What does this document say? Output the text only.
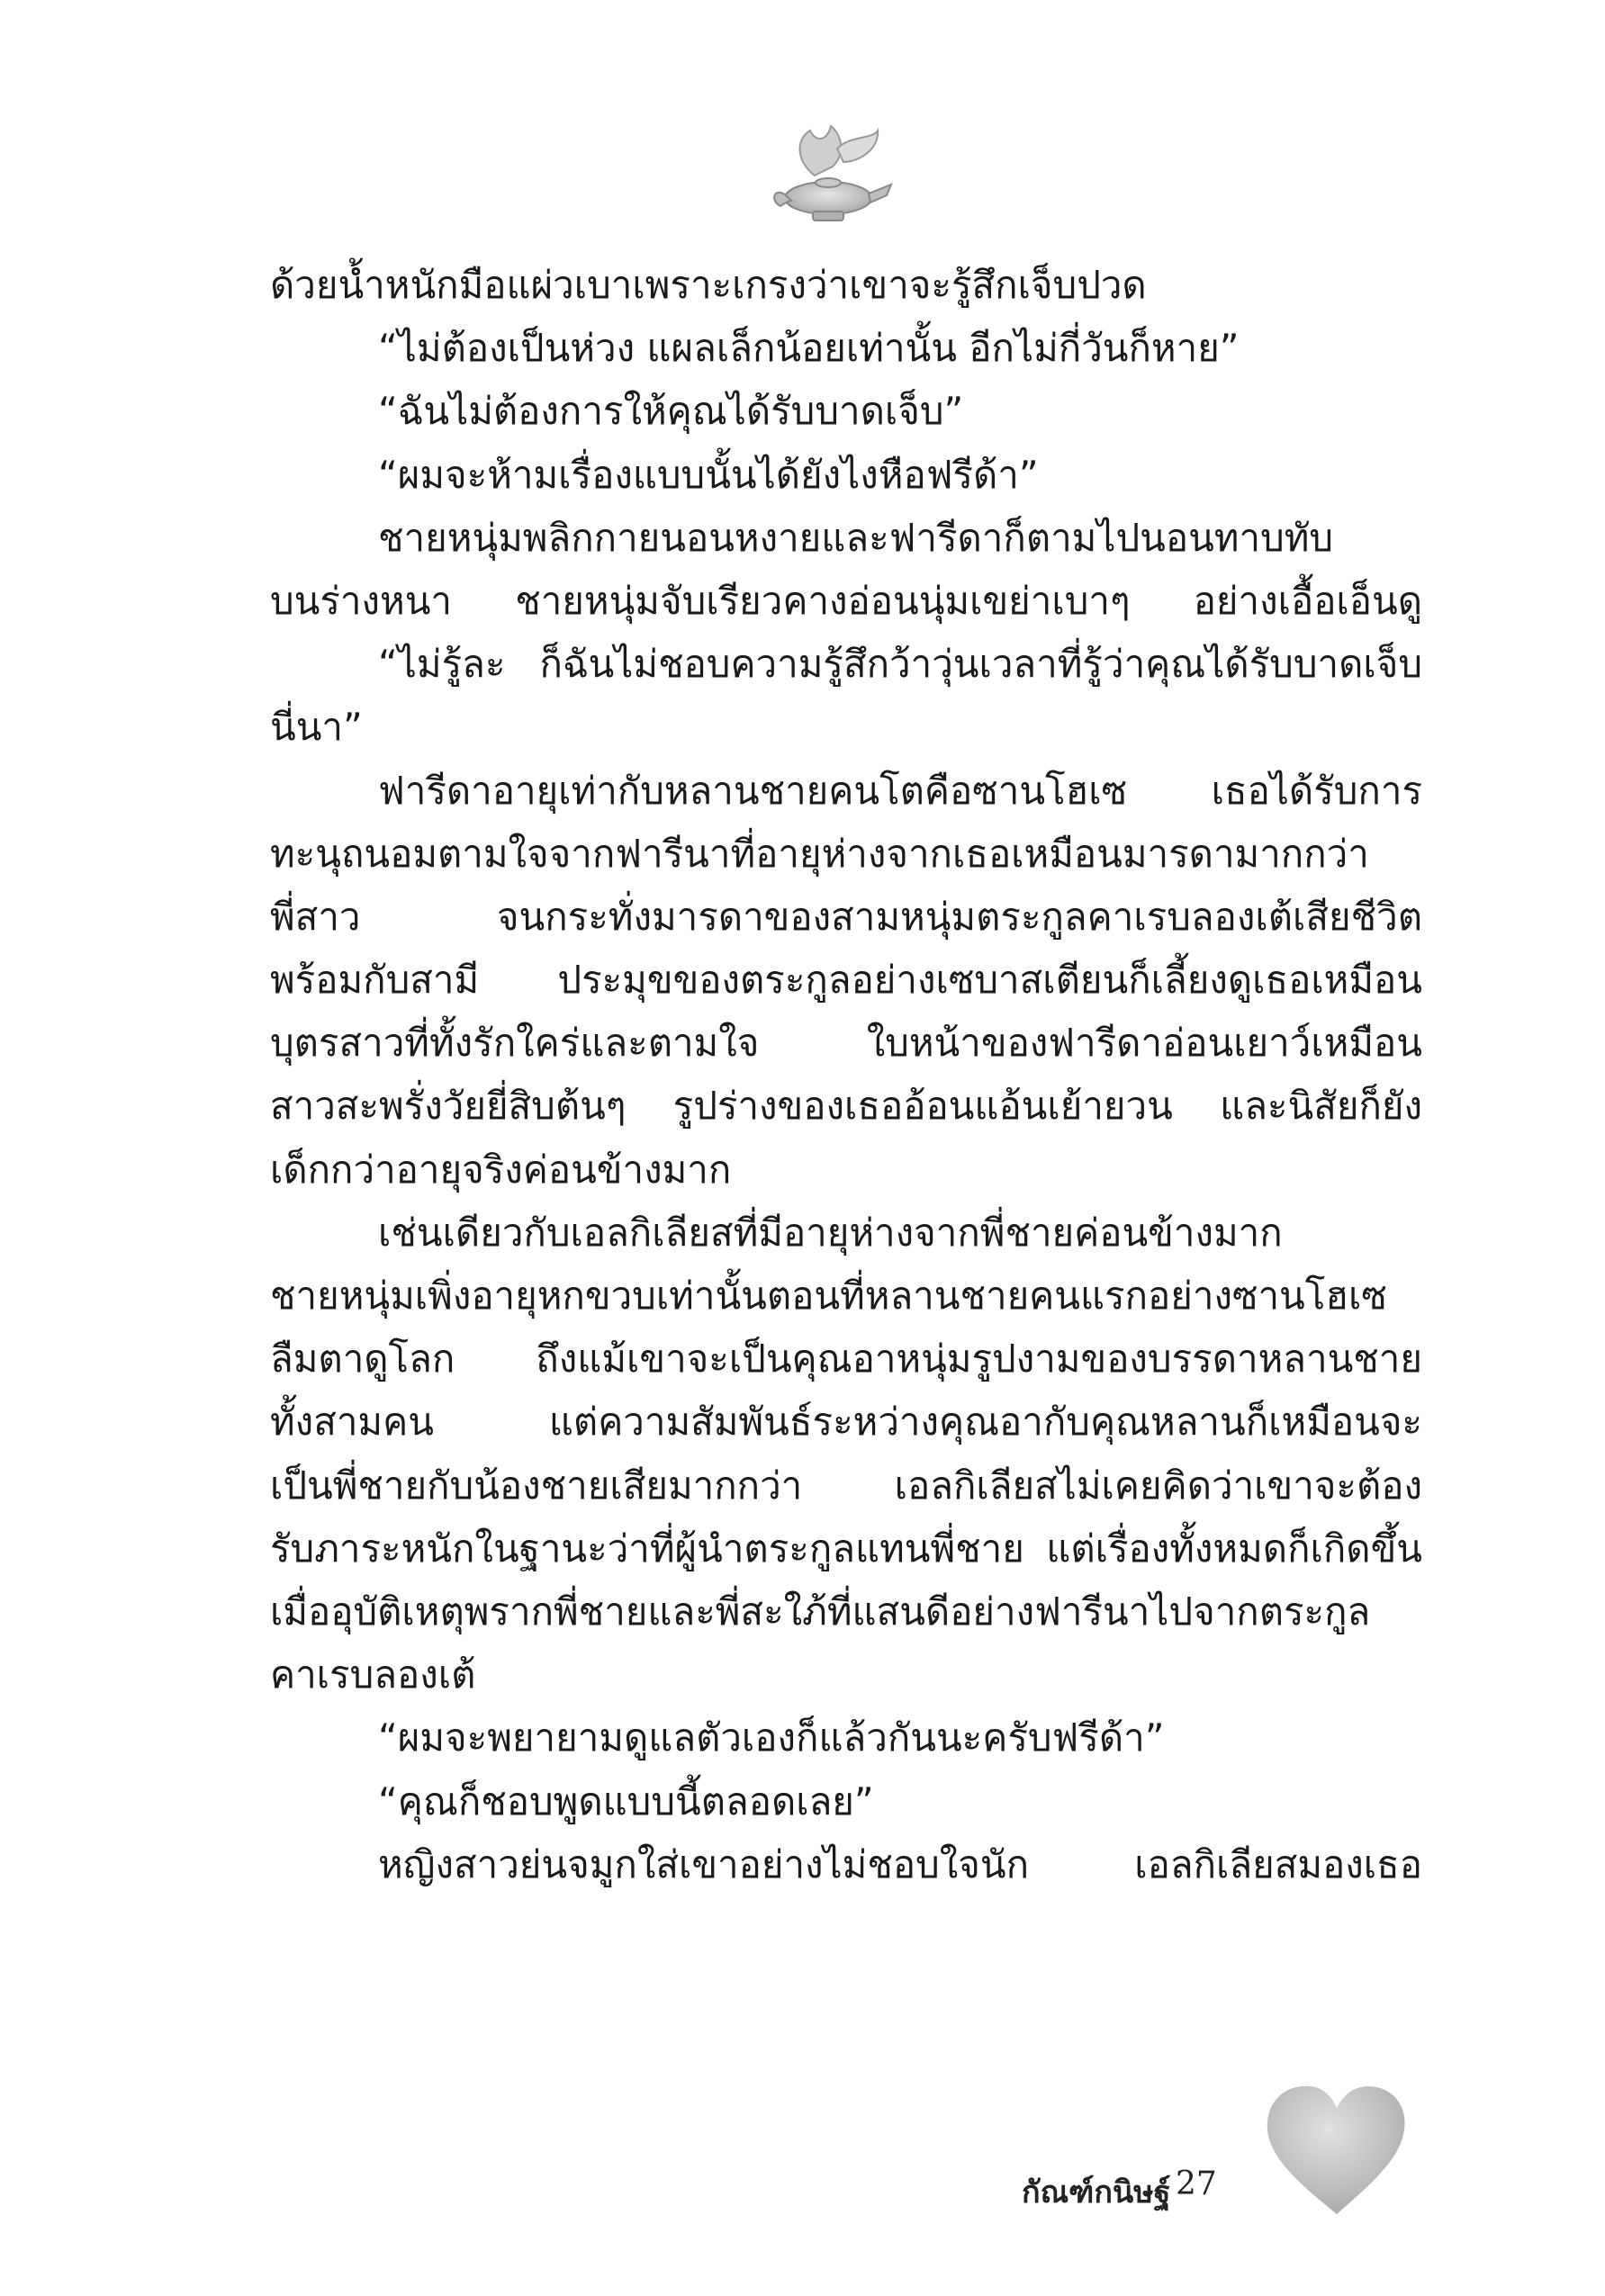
ด้วยน้ำหนักมือแผ่วเบาเพราะเกรงว่าเขาจะรู้สึกเจ็บปวด
“ไม่ต้องเป็นห่วง แผลเล็กน้อยเท่านั้น อีกไม่กี่วันก็หาย”
“ฉันไม่ต้องการให้คุณได้รับบาดเจ็บ”
“ผมจะห้ามเรื่องแบบนั้นได้ยังไงหือฟรีด้า”
ชายหนุ่มพลิกกายนอนหงายและฟารีดาก็ตามไปนอนทาบทับ
บนร่างหนา ชายหนุ่มจับเรียวคางอ่อนนุ่มเขย่าเบาๆ อย่างเอื้อเอ็นดู
“ไม่รู้ละ ก็ฉันไม่ชอบความรู้สึกว้าวุ่นเวลาที่รู้ว่าคุณได้รับบาดเจ็บ
นี่นา”
ฟารีดาอายุเท่ากับหลานชายคนโตคือซานโฮเซ เธอได้รับการ
ทะนุถนอมตามใจจากฟารีนาที่อายุห่างจากเธอเหมือนมารดามากกว่า
พี่สาว จนกระทั่งมารดาของสามหนุ่มตระกูลคาเรบลองเต้เสียชีวิต
พร้อมกับสามี ประมุขของตระกูลอย่างเซบาสเตียนก็เลี้ยงดูเธอเหมือน
บุตรสาวที่ทั้งรักใคร่และตามใจ ใบหน้าของฟารีดาอ่อนเยาว์เหมือน
สาวสะพรั่งวัยยี่สิบต้นๆ รูปร่างของเธออ้อนแอ้นเย้ายวน และนิสัยก็ยัง
เด็กกว่าอายุจริงค่อนข้างมาก
เช่นเดียวกับเอลกิเลียสที่มีอายุห่างจากพี่ชายค่อนข้างมาก
ชายหนุ่มเพิ่งอายุหกขวบเท่านั้นตอนที่หลานชายคนแรกอย่างซานโฮเซ
ลืมตาดูโลก ถึงแม้เขาจะเป็นคุณอาหนุ่มรูปงามของบรรดาหลานชาย
ทั้งสามคน แต่ความสัมพันธ์ระหว่างคุณอากับคุณหลานก็เหมือนจะ
เป็นพี่ชายกับน้องชายเสียมากกว่า เอลกิเลียสไม่เคยคิดว่าเขาจะต้อง
รับภาระหนักในฐานะว่าที่ผู้นำตระกูลแทนพี่ชาย แต่เรื่องทั้งหมดก็เกิดขึ้น
เมื่ออุบัติเหตุพรากพี่ชายและพี่สะใภ้ที่แสนดีอย่างฟารีนาไปจากตระกูล
คาเรบลองเต้
“ผมจะพยายามดูแลตัวเองก็แล้วกันนะครับฟรีด้า”
“คุณก็ชอบพูดแบบนี้ตลอดเลย”
หญิงสาวย่นจมูกใส่เขาอย่างไม่ชอบใจนัก เอลกิเลียสมองเธอ
กัณฑ์กนิษฐ์ 27
